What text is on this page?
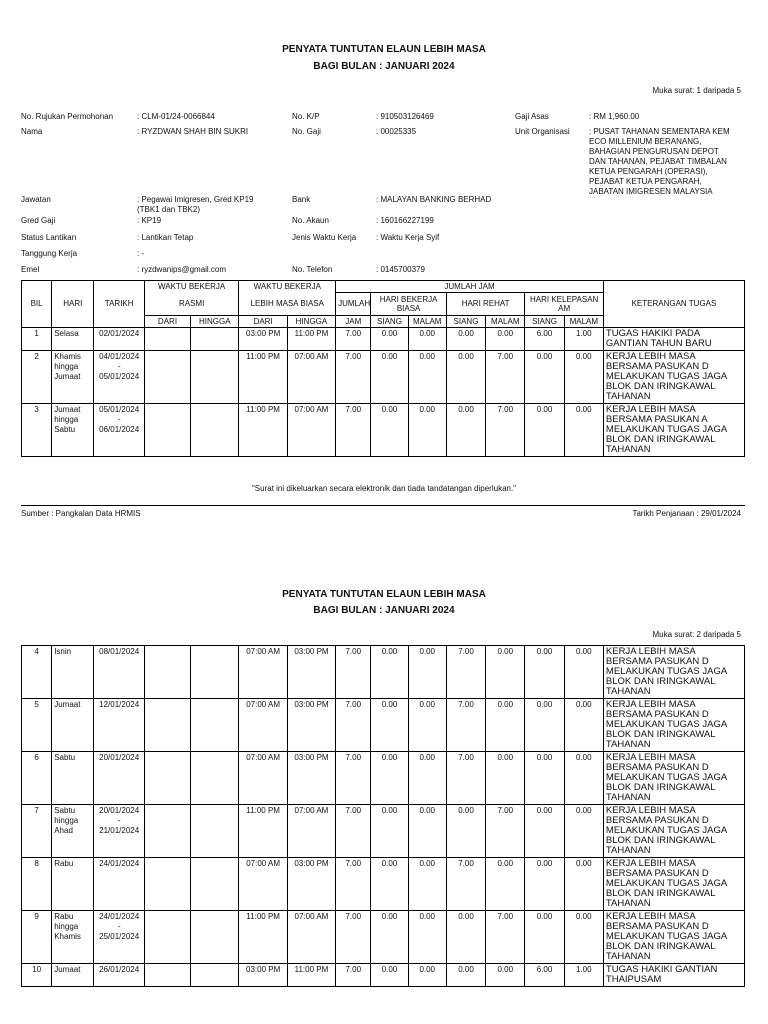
PENYATA TUNTUTAN ELAUN LEBIH MASA
BAGI BULAN : JANUARI 2024
Muka surat: 1 daripada 5
No. Rujukan Permohonan	: CLM-01/24-0066844	No. K/P	: 910503126469	Gaji Asas	: RM 1,960.00
Nama	: RYZDWAN SHAH BIN SUKRI	No. Gaji	: 00025335	Unit Organisasi : PUSAT TAHANAN SEMENTARA KEM
ECO MILLENIUM BERANANG,
BAHAGIAN PENGURUSAN DEPOT
DAN TAHANAN, PEJABAT TIMBALAN
KETUA PENGARAH (OPERASI),
PEJABAT KETUA PENGARAH,
JABATAN IMIGRESEN MALAYSIA
Jawatan	: Pegawai Imigresen, Gred KP19
(TBK1 dan TBK2)
Bank	: MALAYAN BANKING BERHAD
Gred Gaji	: KP19	No. Akaun	: 160166227199
Status Lantikan	: Lantikan Tetap	Jenis Waktu Kerja : Waktu Kerja Syif
Tanggung Kerja	: -
Emel	: ryzdwanips@gmail.com	No. Telefon	: 0145700379
BIL	HARI	TARIKH	WAKTU BEKERJA		WAKTU BEKERJA		JUMLAH JAM							KETERANGAN TUGAS
			RASMI		LEBIH MASA BIASA		JUMLAH	HARI BEKERJA BIASA		HARI REHAT		HARI KELEPASAN AM		
			DARI	HINGGA	DARI	HINGGA	JAM	SIANG	MALAM	SIANG	MALAM	SIANG	MALAM	
1	Selasa	02/01/2024			03:00 PM	11:00 PM	7.00	0.00	0.00	0.00	0.00	6.00	1.00	TUGAS HAKIKI PADA GANTIAN TAHUN BARU
2	Khamis
hingga
Jumaat	04/01/2024
-
05/01/2024			11:00 PM	07:00 AM	7.00	0.00	0.00	0.00	7.00	0.00	0.00	KERJA LEBIH MASA BERSAMA PASUKAN D MELAKUKAN TUGAS JAGA BLOK DAN IRINGKAWAL TAHANAN
3	Jumaat
hingga
Sabtu	05/01/2024
-
06/01/2024			11:00 PM	07:00 AM	7.00	0.00	0.00	0.00	7.00	0.00	0.00	KERJA LEBIH MASA BERSAMA PASUKAN A MELAKUKAN TUGAS JAGA BLOK DAN IRINGKAWAL TAHANAN
"Surat ini dikeluarkan secara elektronik dan tiada tandatangan diperlukan."
Sumber : Pangkalan Data HRMIS	Tarikh Penjanaan : 29/01/2024
PENYATA TUNTUTAN ELAUN LEBIH MASA
BAGI BULAN : JANUARI 2024
Muka surat: 2 daripada 5
4	Isnin	08/01/2024			07:00 AM	03:00 PM	7.00	0.00	0.00	7.00	0.00	0.00	0.00	KERJA LEBIH MASA BERSAMA PASUKAN D MELAKUKAN TUGAS JAGA BLOK DAN IRINGKAWAL TAHANAN
5	Jumaat	12/01/2024			07:00 AM	03:00 PM	7.00	0.00	0.00	7.00	0.00	0.00	0.00	KERJA LEBIH MASA BERSAMA PASUKAN D MELAKUKAN TUGAS JAGA BLOK DAN IRINGKAWAL TAHANAN
6	Sabtu	20/01/2024			07:00 AM	03:00 PM	7.00	0.00	0.00	7.00	0.00	0.00	0.00	KERJA LEBIH MASA BERSAMA PASUKAN D MELAKUKAN TUGAS JAGA BLOK DAN IRINGKAWAL TAHANAN
7	Sabtu
hingga
Ahad	20/01/2024
-
21/01/2024			11:00 PM	07:00 AM	7.00	0.00	0.00	0.00	7.00	0.00	0.00	KERJA LEBIH MASA BERSAMA PASUKAN D MELAKUKAN TUGAS JAGA BLOK DAN IRINGKAWAL TAHANAN
8	Rabu	24/01/2024			07:00 AM	03:00 PM	7.00	0.00	0.00	7.00	0.00	0.00	0.00	KERJA LEBIH MASA BERSAMA PASUKAN D MELAKUKAN TUGAS JAGA BLOK DAN IRINGKAWAL TAHANAN
9	Rabu
hingga
Khamis	24/01/2024
-
25/01/2024			11:00 PM	07:00 AM	7.00	0.00	0.00	0.00	7.00	0.00	0.00	KERJA LEBIH MASA BERSAMA PASUKAN D MELAKUKAN TUGAS JAGA BLOK DAN IRINGKAWAL TAHANAN
10	Jumaat	26/01/2024			03:00 PM	11:00 PM	7.00	0.00	0.00	0.00	0.00	6.00	1.00	TUGAS HAKIKI GANTIAN THAIPUSAM
